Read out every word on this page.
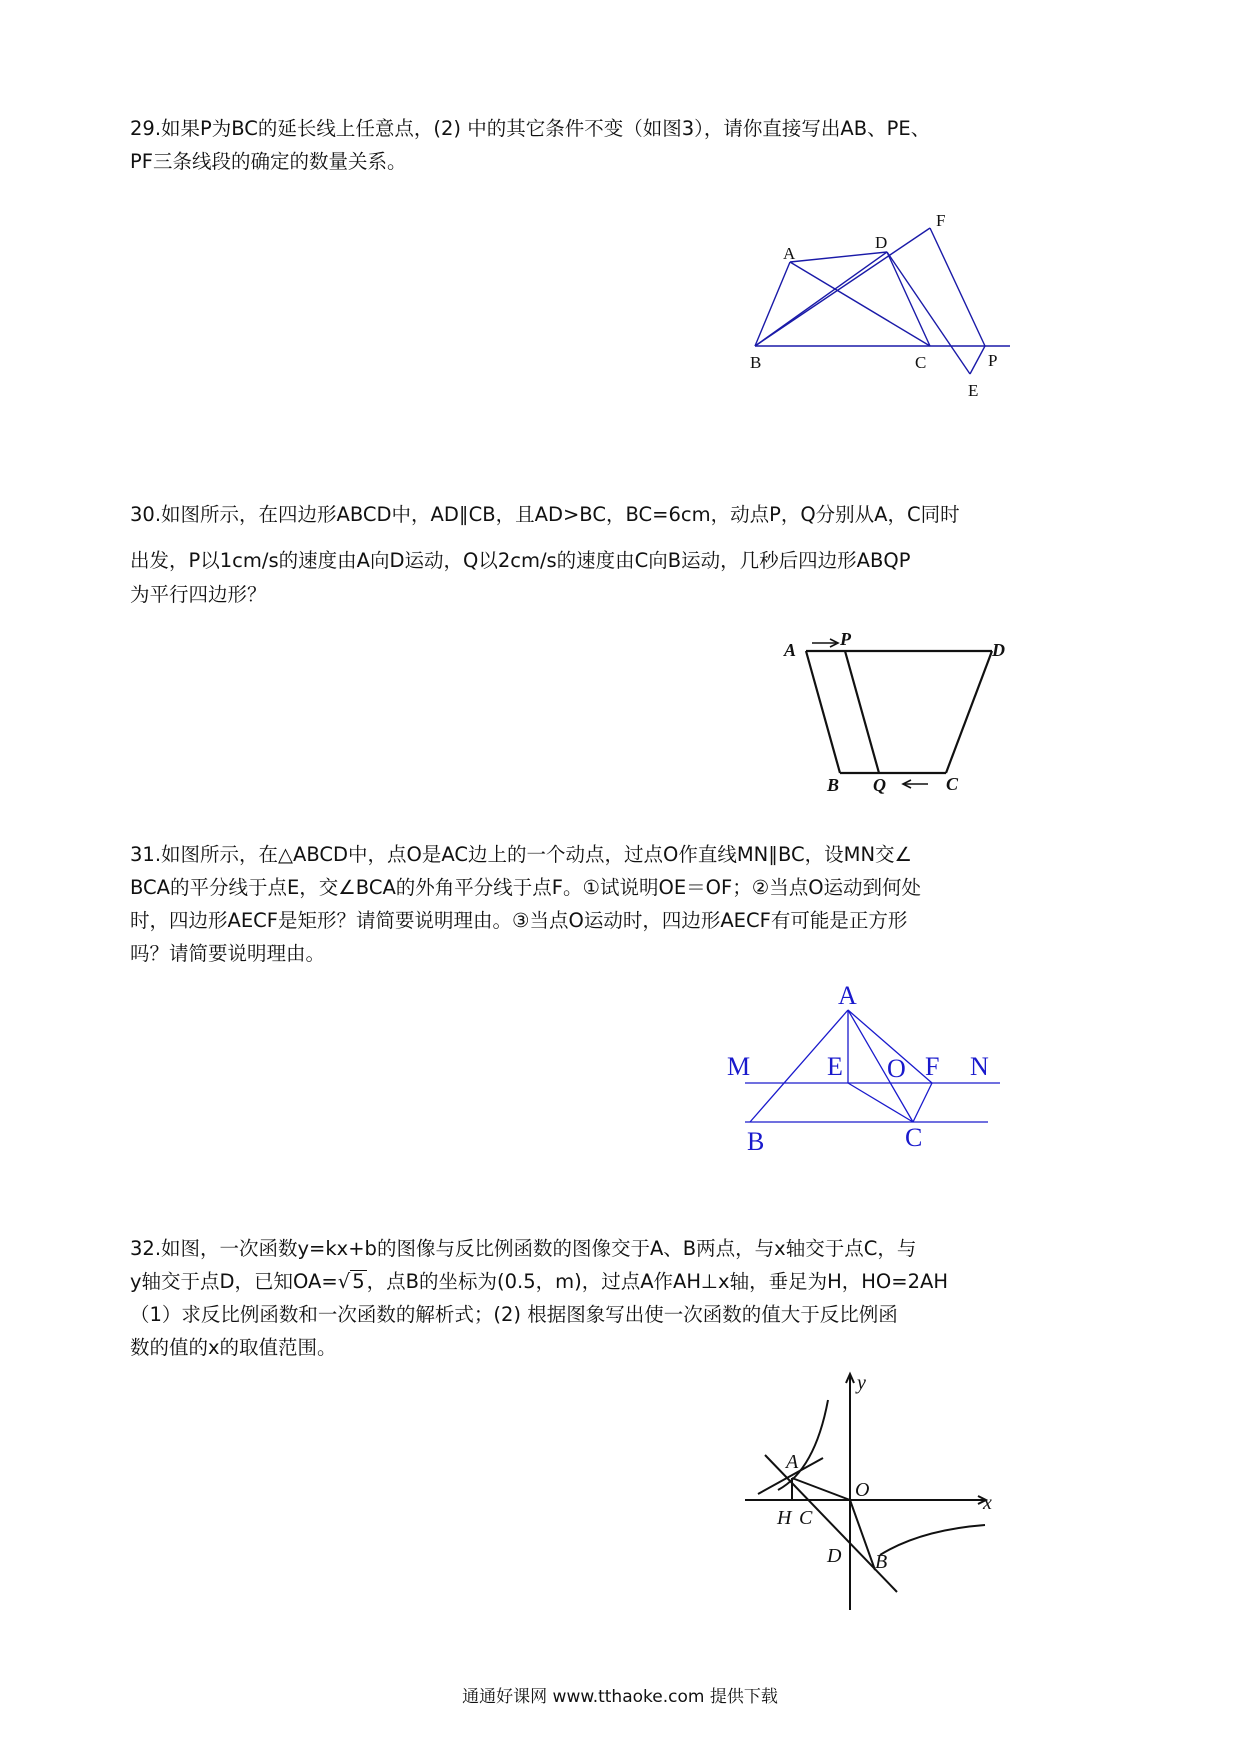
29.如果P为BC的延长线上任意点，(2) 中的其它条件不变（如图3），请你直接写出AB、PE、

PF三条线段的确定的数量关系。

A
D
F
B	C	P
E

30.如图所示，在四边形ABCD中，AD∥CB，且AD>BC，BC=6cm，动点P，Q分别从A，C同时

出发，P以1cm/s的速度由A向D运动，Q以2cm/s的速度由C向B运动，几秒后四边形ABQP

为平行四边形？

A
P
D
B Q	C

31.如图所示，在△ABCD中，点O是AC边上的一个动点，过点O作直线MN∥BC，设MN交∠

BCA的平分线于点E，交∠BCA的外角平分线于点F。①试说明OE＝OF；②当点O运动到何处

时，四边形AECF是矩形？请简要说明理由。③当点O运动时，四边形AECF有可能是正方形

吗？请简要说明理由。

A
M	E O F N
B	C

32.如图，一次函数y=kx+b的图像与反比例函数的图像交于A、B两点，与x轴交于点C，与

y轴交于点D，已知OA=√ 5 ，点B的坐标为(0.5，m)，过点A作AH⊥x轴，垂足为H，HO=2AH

（1）求反比例函数和一次函数的解析式；(2) 根据图象写出使一次函数的值大于反比例函

数的值的x的取值范围。

y
x
A
O
H C
D B
通通好课网 www.tthaoke.com 提供下载
